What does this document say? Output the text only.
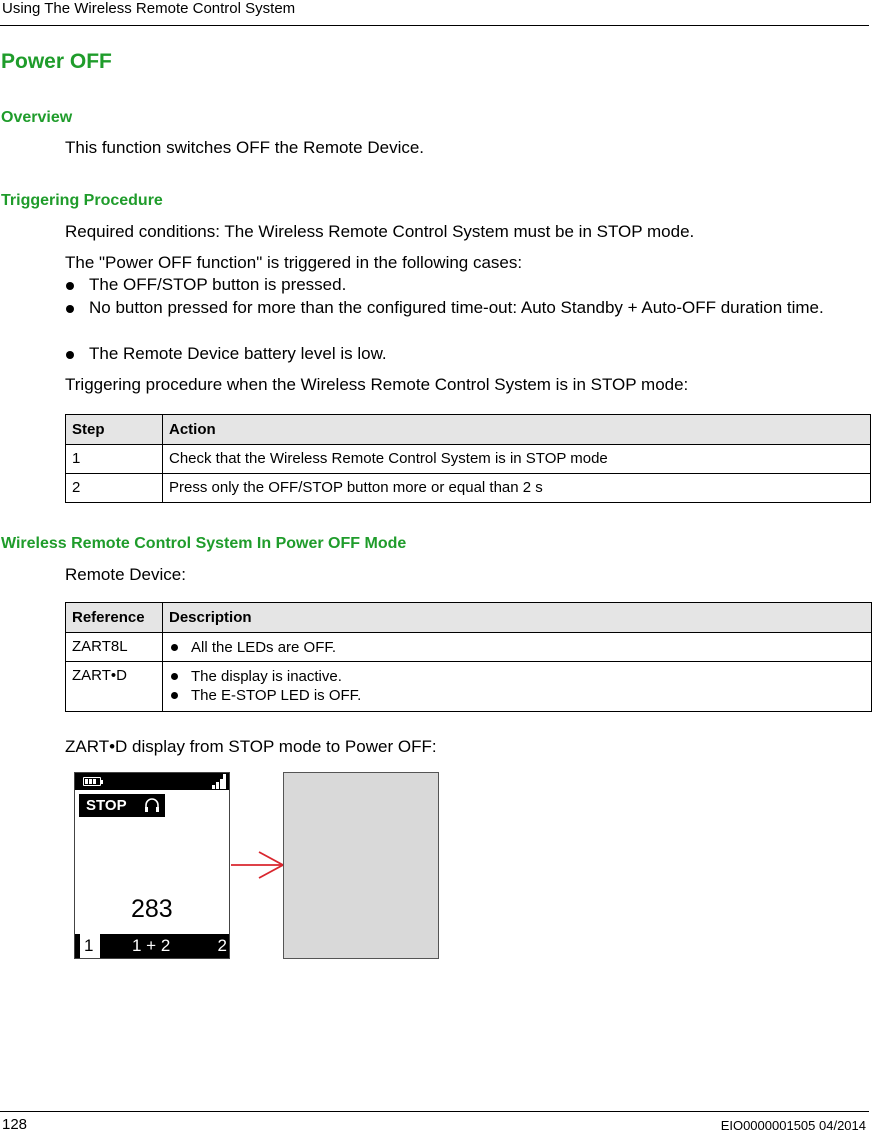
Using The Wireless Remote Control System
Power OFF
Overview
This function switches OFF the Remote Device.
Triggering Procedure
Required conditions: The Wireless Remote Control System must be in STOP mode.
The "Power OFF function" is triggered in the following cases:
The OFF/STOP button is pressed.
No button pressed for more than the configured time-out: Auto Standby + Auto-OFF duration time.
The Remote Device battery level is low.
Triggering procedure when the Wireless Remote Control System is in STOP mode:
Step	Action
1	Check that the Wireless Remote Control System is in STOP mode
2	Press only the OFF/STOP button more or equal than 2 s
Wireless Remote Control System In Power OFF Mode
Remote Device:
Reference	Description
ZART8L	All the LEDs are OFF.

ZART•D	The display is inactive.
The E-STOP LED is OFF.
ZART•D display from STOP mode to Power OFF:
STOP
283
1 1 + 2	2
128	EIO0000001505 04/2014
